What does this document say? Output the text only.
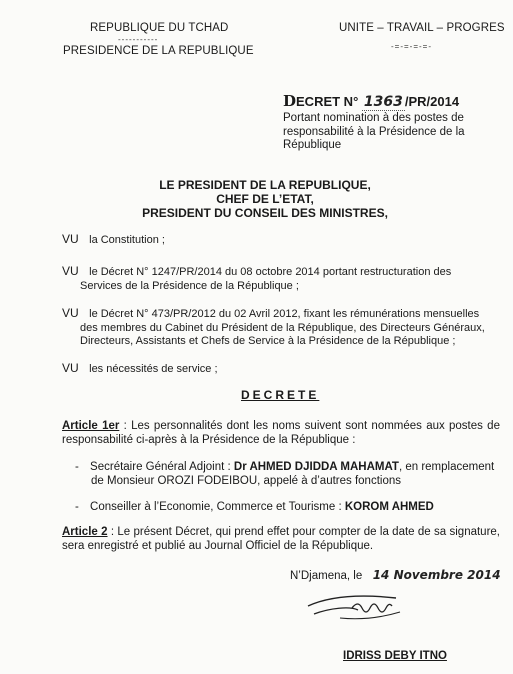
REPUBLIQUE DU TCHAD
-----------
PRESIDENCE DE LA REPUBLIQUE
UNITE – TRAVAIL – PROGRES
-=-=-=-=-
DECRET N° 1363 /PR/2014
Portant nomination à des postes de
responsabilité à la Présidence de la
République
LE PRESIDENT DE LA REPUBLIQUE,
CHEF DE L’ETAT,
PRESIDENT DU CONSEIL DES MINISTRES,
VU la Constitution ;
VU le Décret N° 1247/PR/2014 du 08 octobre 2014 portant restructuration des
Services de la Présidence de la République ;
VU le Décret N° 473/PR/2012 du 02 Avril 2012, fixant les rémunérations mensuelles
des membres du Cabinet du Président de la République, des Directeurs Généraux,
Directeurs, Assistants et Chefs de Service à la Présidence de la République ;
VU les nécessités de service ;
DECRETE
Article 1er : Les personnalités dont les noms suivent sont nommées aux postes de responsabilité ci-après à la Présidence de la République :
- Secrétaire Général Adjoint : Dr AHMED DJIDDA MAHAMAT, en remplacement
de Monsieur OROZI FODEIBOU, appelé à d’autres fonctions
- Conseiller à l’Economie, Commerce et Tourisme : KOROM AHMED
Article 2 : Le présent Décret, qui prend effet pour compter de la date de sa signature, sera enregistré et publié au Journal Officiel de la République.
N’Djamena, le 14 Novembre 2014
IDRISS DEBY ITNO
